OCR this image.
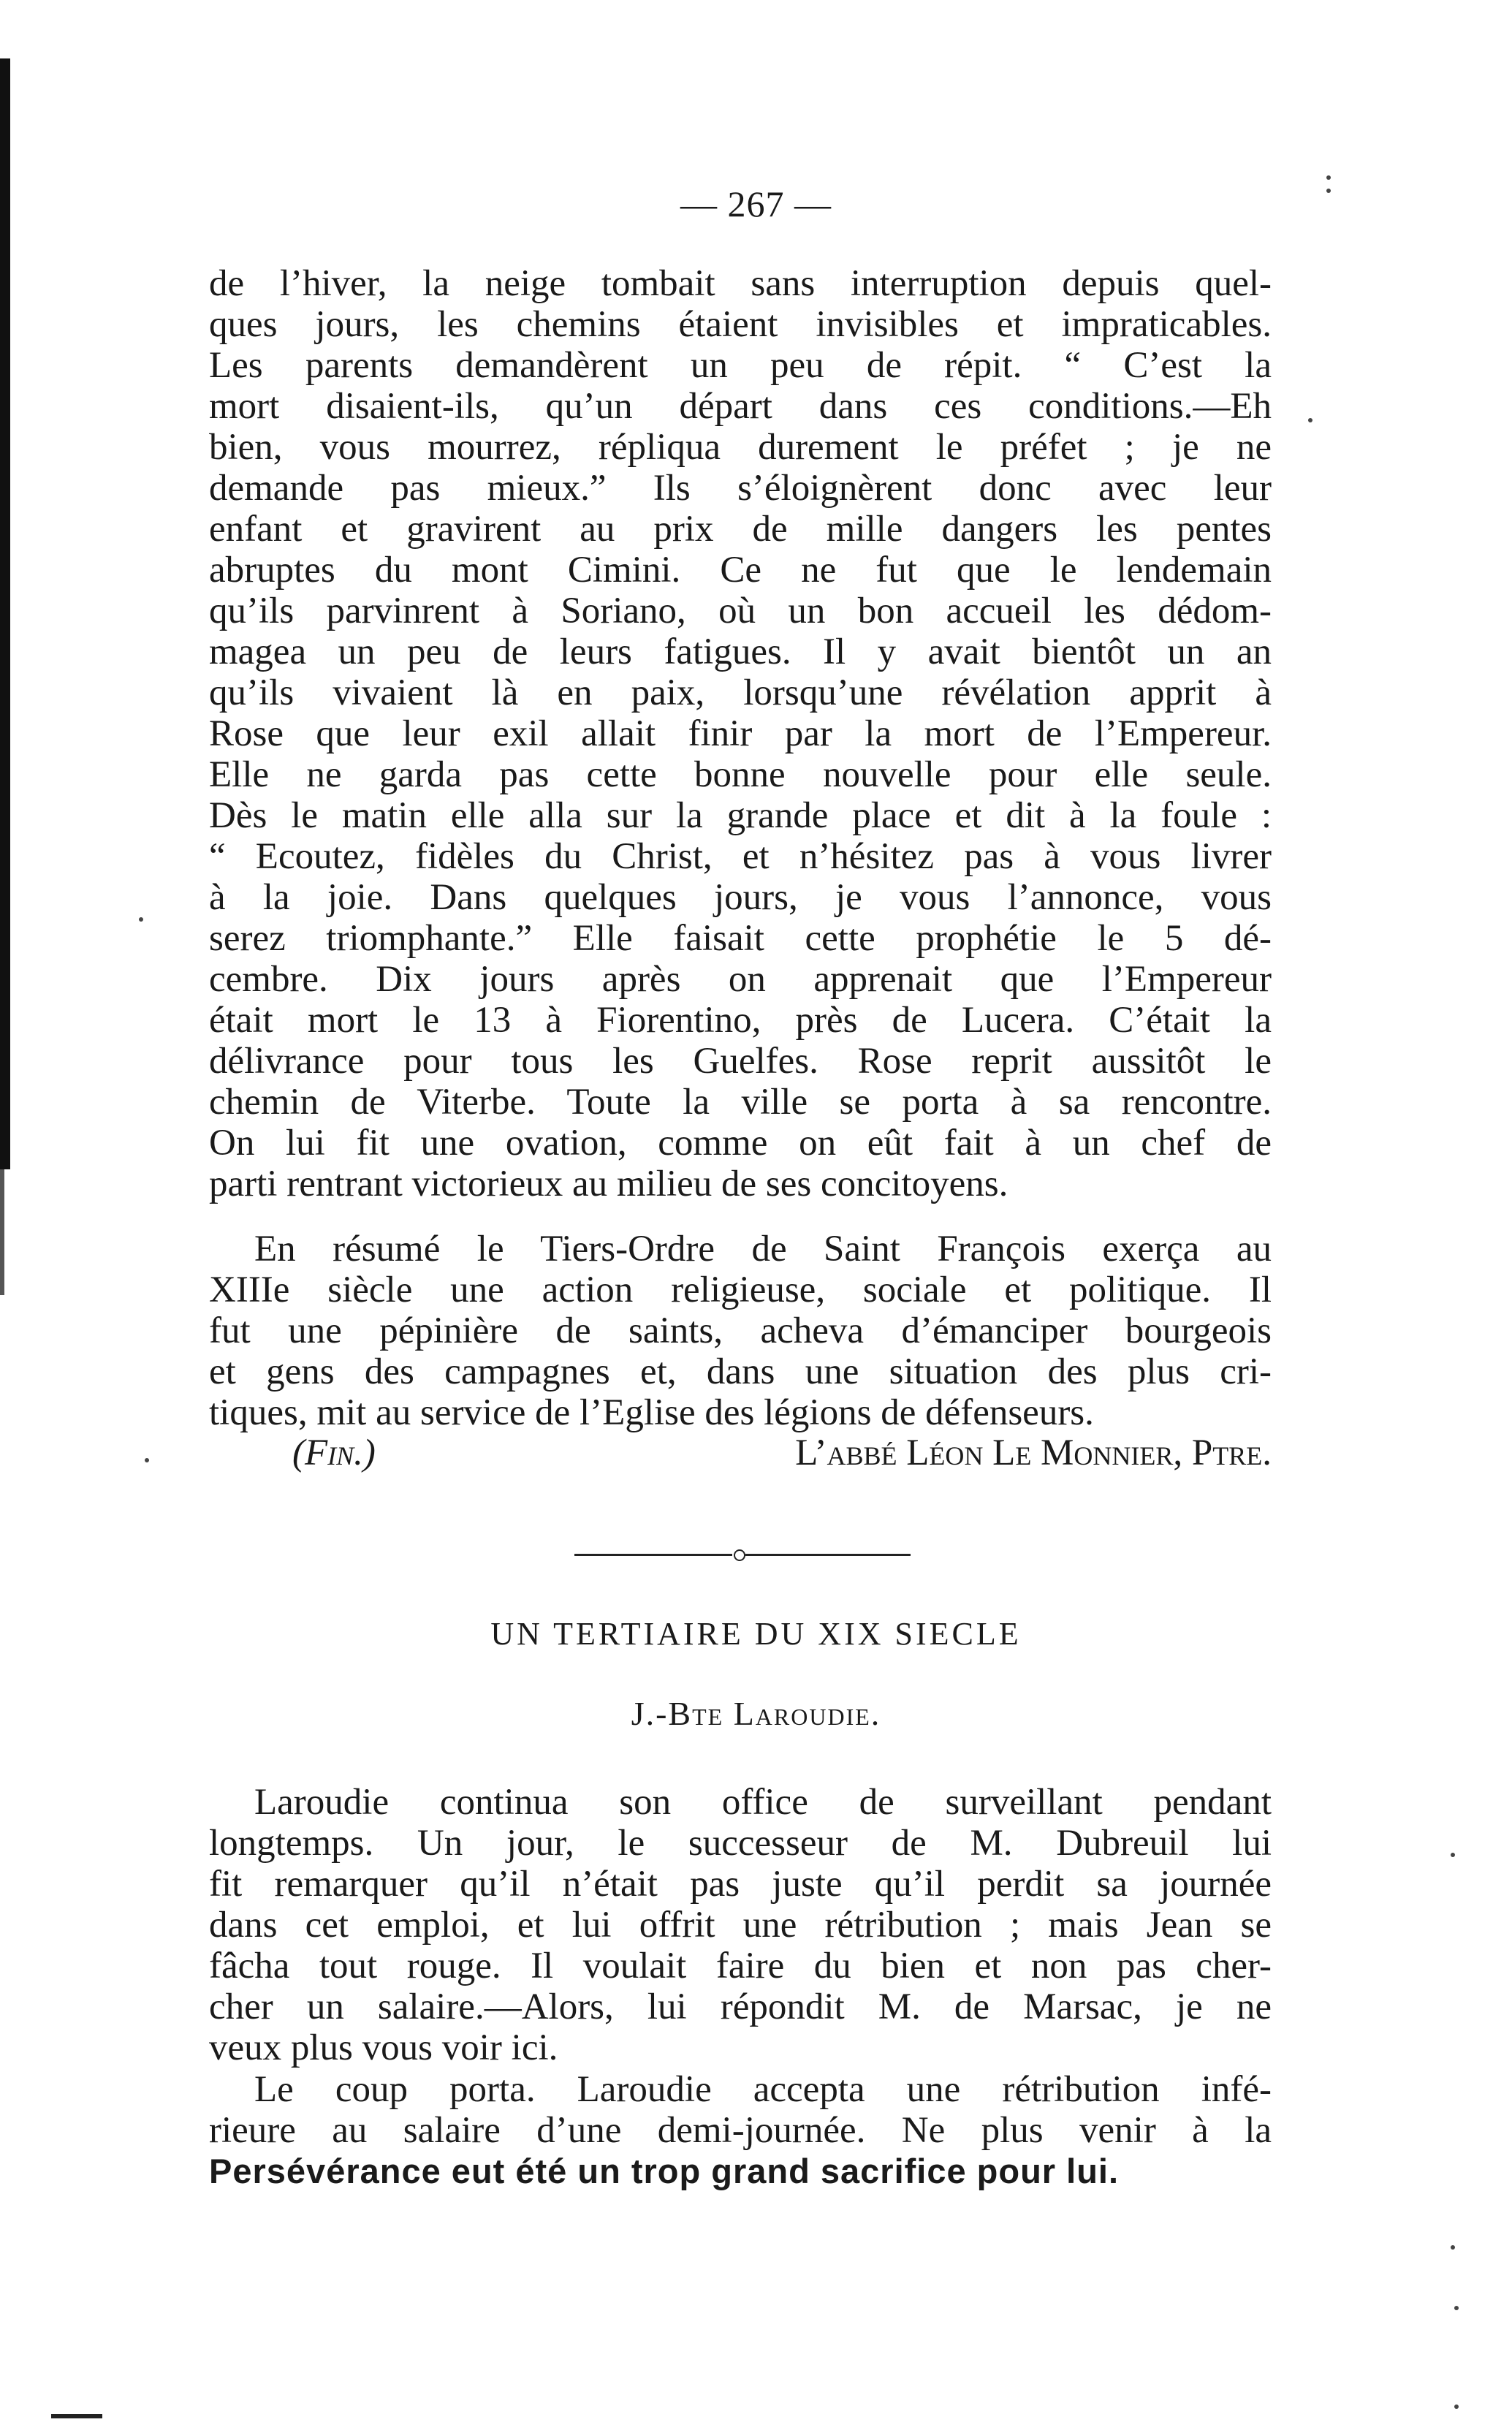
— 267 —
de l’hiver, la neige tombait sans interruption depuis quel-
ques jours, les chemins étaient invisibles et impraticables.
Les parents demandèrent un peu de répit. “ C’est la
mort disaient-ils, qu’un départ dans ces conditions.—Eh
bien, vous mourrez, répliqua durement le préfet ; je ne
demande pas mieux.” Ils s’éloignèrent donc avec leur
enfant et gravirent au prix de mille dangers les pentes
abruptes du mont Cimini. Ce ne fut que le lendemain
qu’ils parvinrent à Soriano, où un bon accueil les dédom-
magea un peu de leurs fatigues. Il y avait bientôt un an
qu’ils vivaient là en paix, lorsqu’une révélation apprit à
Rose que leur exil allait finir par la mort de l’Empereur.
Elle ne garda pas cette bonne nouvelle pour elle seule.
Dès le matin elle alla sur la grande place et dit à la foule :
“ Ecoutez, fidèles du Christ, et n’hésitez pas à vous livrer
à la joie. Dans quelques jours, je vous l’annonce, vous
serez triomphante.” Elle faisait cette prophétie le 5 dé-
cembre. Dix jours après on apprenait que l’Empereur
était mort le 13 à Fiorentino, près de Lucera. C’était la
délivrance pour tous les Guelfes. Rose reprit aussitôt le
chemin de Viterbe. Toute la ville se porta à sa rencontre.
On lui fit une ovation, comme on eût fait à un chef de
parti rentrant victorieux au milieu de ses concitoyens.
En résumé le Tiers-Ordre de Saint François exerça au
XIIIe siècle une action religieuse, sociale et politique. Il
fut une pépinière de saints, acheva d’émanciper bourgeois
et gens des campagnes et, dans une situation des plus cri-
tiques, mit au service de l’Eglise des légions de défenseurs.
(Fin.)	L’abbé Léon Le Monnier, Ptre.
UN TERTIAIRE DU XIX SIECLE
J.-Bte Laroudie.
Laroudie continua son office de surveillant pendant
longtemps. Un jour, le successeur de M. Dubreuil lui
fit remarquer qu’il n’était pas juste qu’il perdit sa journée
dans cet emploi, et lui offrit une rétribution ; mais Jean se
fâcha tout rouge. Il voulait faire du bien et non pas cher-
cher un salaire.—Alors, lui répondit M. de Marsac, je ne
veux plus vous voir ici.
Le coup porta. Laroudie accepta une rétribution infé-
rieure au salaire d’une demi-journée. Ne plus venir à la
Persévérance eut été un trop grand sacrifice pour lui.
